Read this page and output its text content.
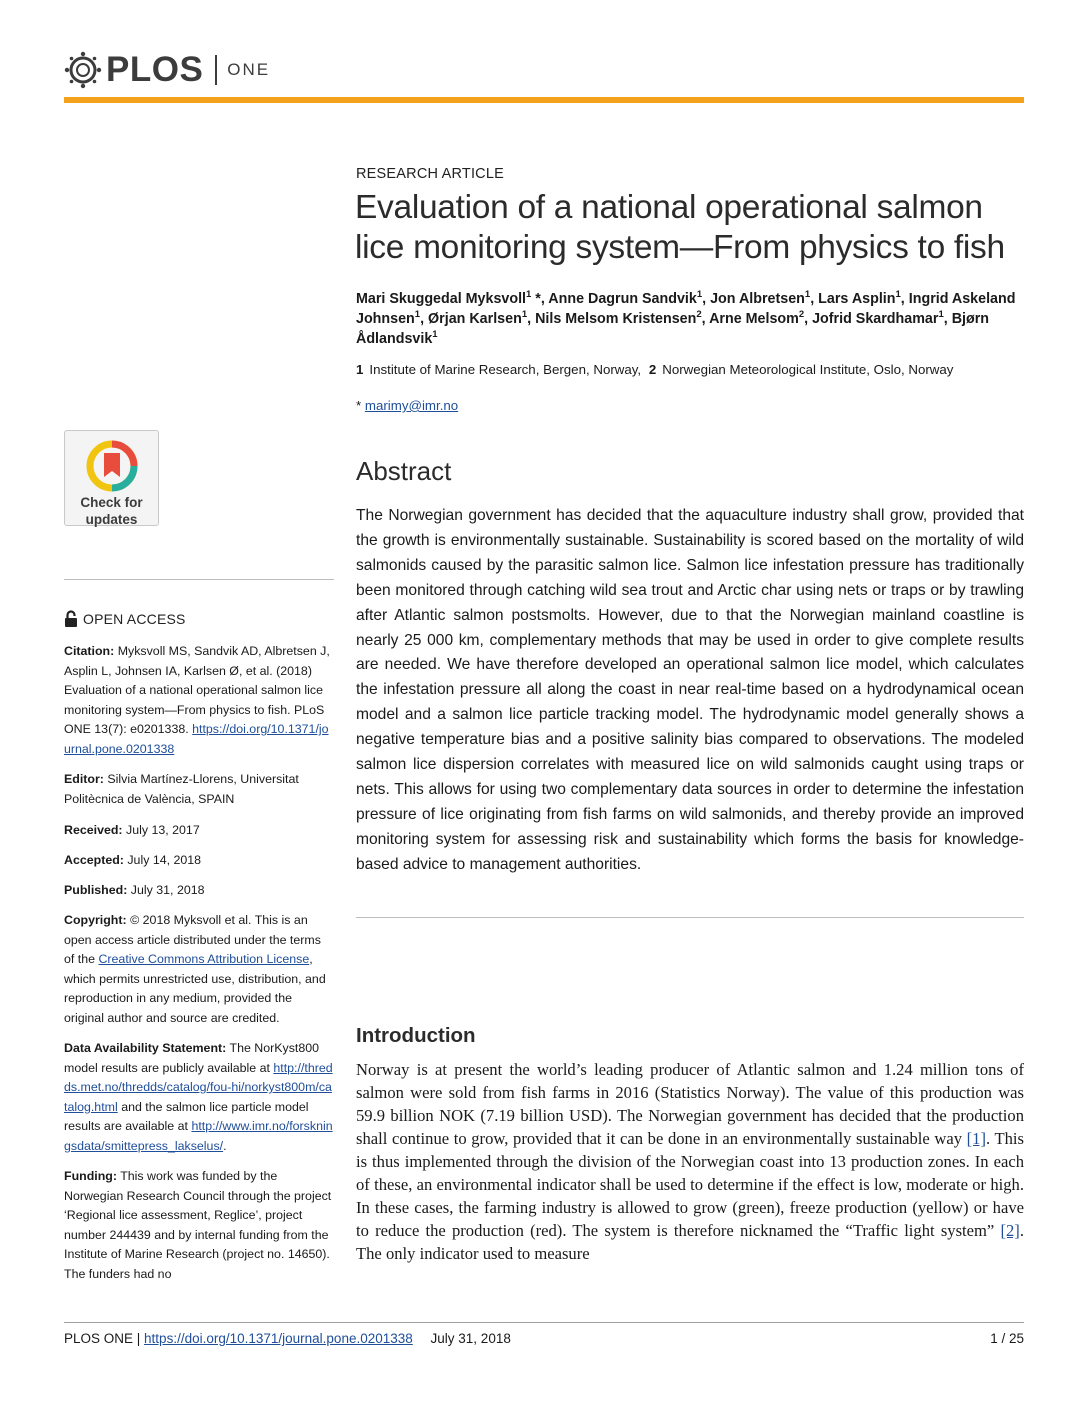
PLOS ONE
Check for
updates
OPEN ACCESS
Citation: Myksvoll MS, Sandvik AD, Albretsen J, Asplin L, Johnsen IA, Karlsen Ø, et al. (2018) Evaluation of a national operational salmon lice monitoring system—From physics to fish. PLoS ONE 13(7): e0201338. https://doi.org/10.1371/journal.pone.0201338
Editor: Silvia Martínez-Llorens, Universitat Politècnica de València, SPAIN
Received: July 13, 2017
Accepted: July 14, 2018
Published: July 31, 2018
Copyright: © 2018 Myksvoll et al. This is an open access article distributed under the terms of the Creative Commons Attribution License, which permits unrestricted use, distribution, and reproduction in any medium, provided the original author and source are credited.
Data Availability Statement: The NorKyst800 model results are publicly available at http://thredds.met.no/thredds/catalog/fou-hi/norkyst800m/catalog.html and the salmon lice particle model results are available at http://www.imr.no/forskningsdata/smittepress_lakselus/.
Funding: This work was funded by the Norwegian Research Council through the project ‘Regional lice assessment, Reglice’, project number 244439 and by internal funding from the Institute of Marine Research (project no. 14650). The funders had no
RESEARCH ARTICLE
Evaluation of a national operational salmon lice monitoring system—From physics to fish
Mari Skuggedal Myksvoll$^1$ *, Anne Dagrun Sandvik$^1$, Jon Albretsen$^1$, Lars Asplin$^1$, Ingrid Askeland Johnsen$^1$, Ørjan Karlsen$^1$, Nils Melsom Kristensen$^2$, Arne Melsom$^2$, Jofrid Skardhamar$^1$, Bjørn Ådlandsvik$^1$
1 Institute of Marine Research, Bergen, Norway, 2 Norwegian Meteorological Institute, Oslo, Norway
* marimy@imr.no
Abstract

The Norwegian government has decided that the aquaculture industry shall grow, provided that the growth is environmentally sustainable. Sustainability is scored based on the mortality of wild salmonids caused by the parasitic salmon lice. Salmon lice infestation pressure has traditionally been monitored through catching wild sea trout and Arctic char using nets or traps or by trawling after Atlantic salmon postsmolts. However, due to that the Norwegian mainland coastline is nearly 25 000 km, complementary methods that may be used in order to give complete results are needed. We have therefore developed an operational salmon lice model, which calculates the infestation pressure all along the coast in near real-time based on a hydrodynamical ocean model and a salmon lice particle tracking model. The hydrodynamic model generally shows a negative temperature bias and a positive salinity bias compared to observations. The modeled salmon lice dispersion correlates with measured lice on wild salmonids caught using traps or nets. This allows for using two complementary data sources in order to determine the infestation pressure of lice originating from fish farms on wild salmonids, and thereby provide an improved monitoring system for assessing risk and sustainability which forms the basis for knowledge-based advice to management authorities.

Introduction

Norway is at present the world’s leading producer of Atlantic salmon and 1.24 million tons of salmon were sold from fish farms in 2016 (Statistics Norway). The value of this production was 59.9 billion NOK (7.19 billion USD). The Norwegian government has decided that the production shall continue to grow, provided that it can be done in an environmentally sustainable way [1]. This is thus implemented through the division of the Norwegian coast into 13 production zones. In each of these, an environmental indicator shall be used to determine if the effect is low, moderate or high. In these cases, the farming industry is allowed to grow (green), freeze production (yellow) or have to reduce the production (red). The system is therefore nicknamed the “Traffic light system” [2]. The only indicator used to measure

PLOS ONE | https://doi.org/10.1371/journal.pone.0201338 July 31, 2018	1 / 25
